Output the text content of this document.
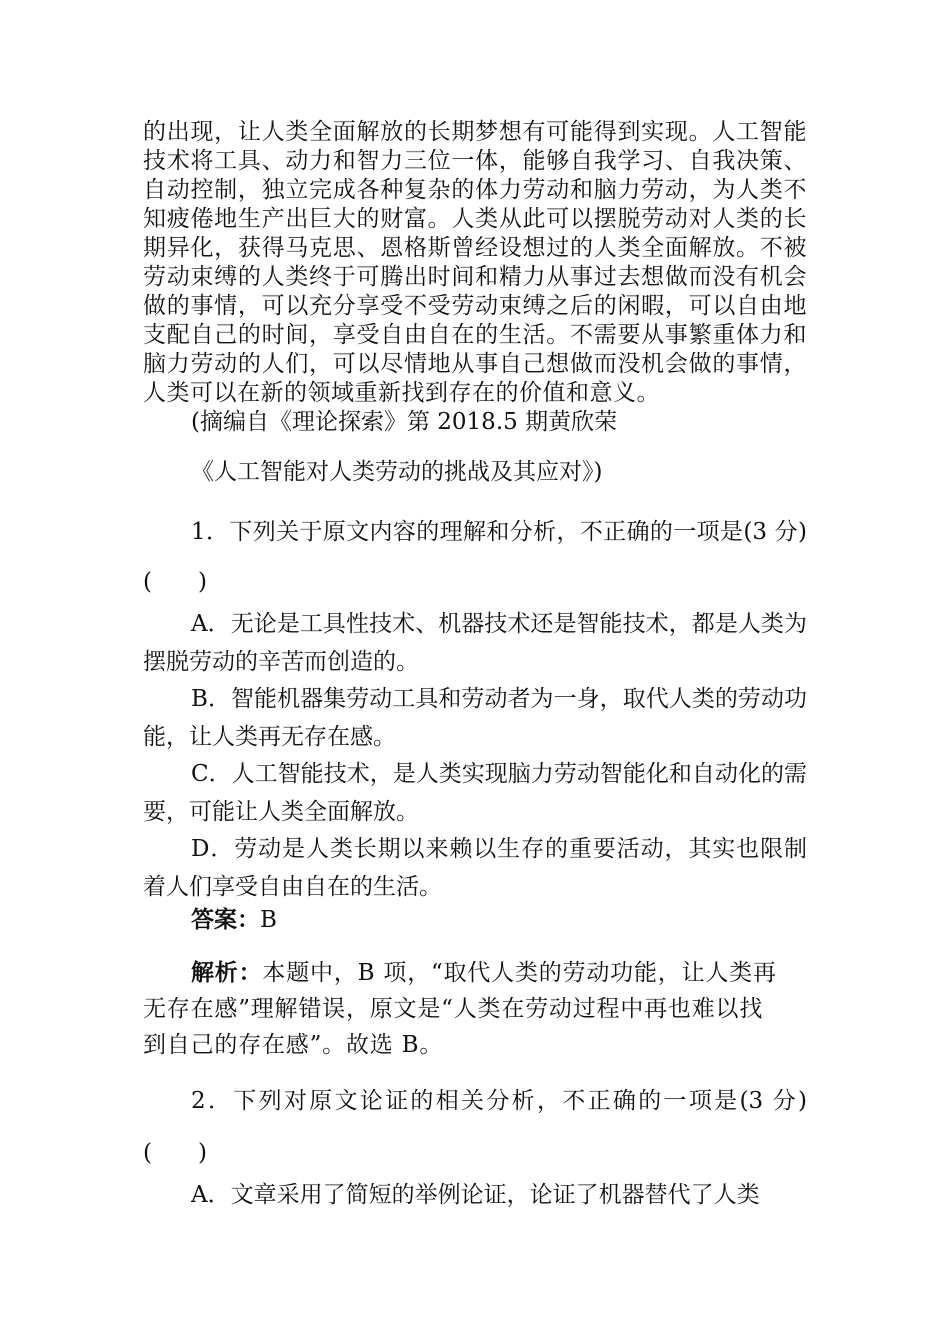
的出现，让人类全面解放的长期梦想有可能得到实现。人工智能技术将工具、动力和智力三位一体，能够自我学习、自我决策、自动控制，独立完成各种复杂的体力劳动和脑力劳动，为人类不知疲倦地生产出巨大的财富。人类从此可以摆脱劳动对人类的长期异化，获得马克思、恩格斯曾经设想过的人类全面解放。不被劳动束缚的人类终于可腾出时间和精力从事过去想做而没有机会做的事情，可以充分享受不受劳动束缚之后的闲暇，可以自由地支配自己的时间，享受自由自在的生活。不需要从事繁重体力和脑力劳动的人们，可以尽情地从事自己想做而没机会做的事情，人类可以在新的领域重新找到存在的价值和意义。

(摘编自《理论探索》第 2018.5 期黄欣荣

《人工智能对人类劳动的挑战及其应对》)

1．下列关于原文内容的理解和分析，不正确的一项是(3 分)(　　)

A．无论是工具性技术、机器技术还是智能技术，都是人类为摆脱劳动的辛苦而创造的。

B．智能机器集劳动工具和劳动者为一身，取代人类的劳动功能，让人类再无存在感。

C．人工智能技术，是人类实现脑力劳动智能化和自动化的需要，可能让人类全面解放。

D．劳动是人类长期以来赖以生存的重要活动，其实也限制着人们享受自由自在的生活。

答案：B

解析：本题中，B 项，“取代人类的劳动功能，让人类再
无存在感”理解错误，原文是“人类在劳动过程中再也难以找
到自己的存在感”。故选 B。

2．下列对原文论证的相关分析，不正确的一项是(3 分)(　　)

A．文章采用了简短的举例论证，论证了机器替代了人类
